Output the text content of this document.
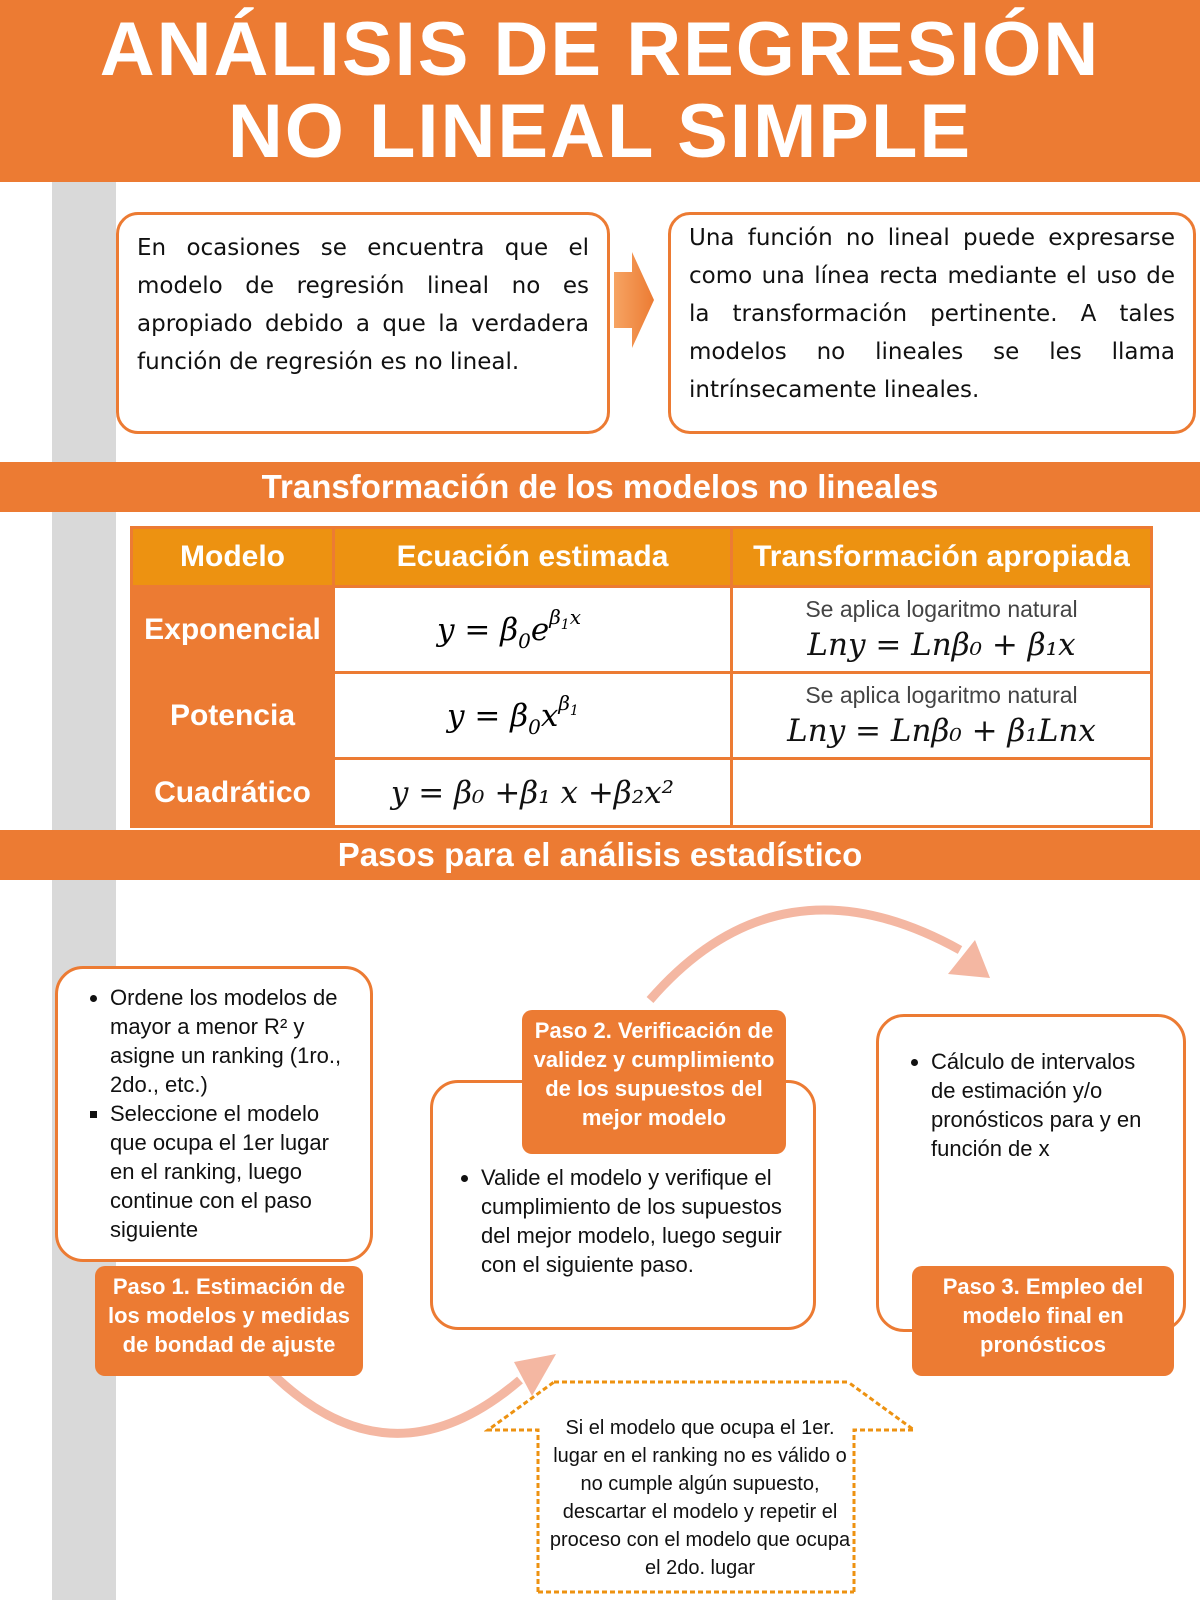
ANÁLISIS DE REGRESIÓN
NO LINEAL SIMPLE
En ocasiones se encuentra que el modelo de regresión lineal no es apropiado debido a que la verdadera función de regresión es no lineal.
Una función no lineal puede expresarse como una línea recta mediante el uso de la transformación pertinente. A tales modelos no lineales se les llama intrínsecamente lineales.
Transformación de los modelos no lineales
Modelo	Ecuación estimada	Transformación apropiada
Exponencial	$y = \beta_0e^\beta 1x$	Se aplica logaritmo natural
Lny = Lnβ₀ + β₁x

Potencia	$y = \beta_0x^\beta 1$	Se aplica logaritmo natural
Lny = Lnβ₀ + β₁Lnx

Cuadrático	y = β₀ +β₁ x +β₂x²	
Pasos para el análisis estadístico
• Ordene los modelos de mayor a menor R² y asigne un ranking (1ro., 2do., etc.)
▪ Seleccione el modelo que ocupa el 1er lugar en el ranking, luego continue con el paso siguiente
Paso 1. Estimación de los modelos y medidas de bondad de ajuste
• Valide el modelo y verifique el cumplimiento de los supuestos del mejor modelo, luego seguir con el siguiente paso.
Paso 2. Verificación de validez y cumplimiento de los supuestos del mejor modelo
• Cálculo de intervalos de estimación y/o pronósticos para y en función de x
Paso 3. Empleo del modelo final en pronósticos
Si el modelo que ocupa el 1er. lugar en el ranking no es válido o no cumple algún supuesto, descartar el modelo y repetir el proceso con el modelo que ocupa el 2do. lugar
